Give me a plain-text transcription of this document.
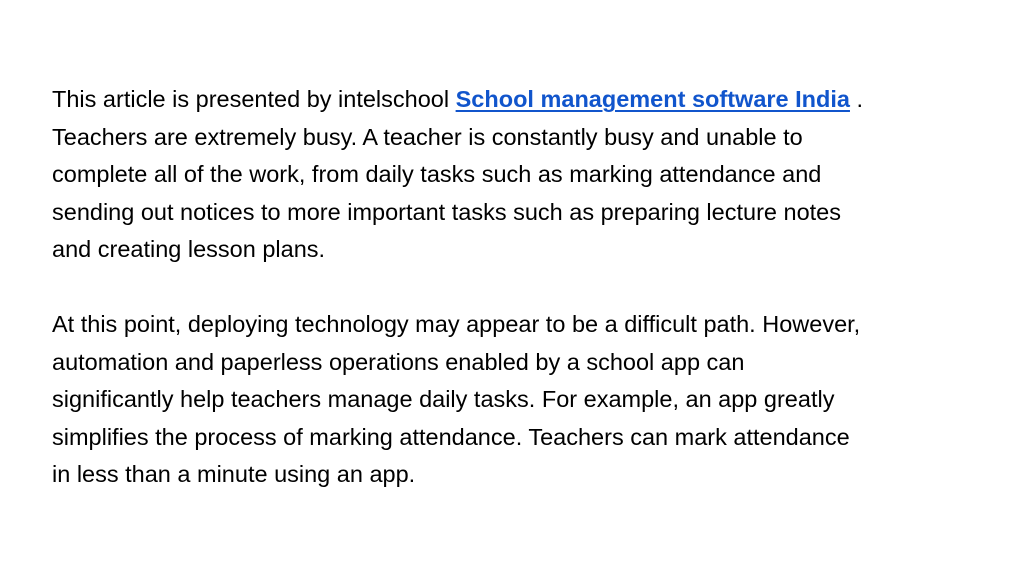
This article is presented by intelschool School management software India .
Teachers are extremely busy. A teacher is constantly busy and unable to
complete all of the work, from daily tasks such as marking attendance and
sending out notices to more important tasks such as preparing lecture notes
and creating lesson plans.

At this point, deploying technology may appear to be a difficult path. However,
automation and paperless operations enabled by a school app can
significantly help teachers manage daily tasks. For example, an app greatly
simplifies the process of marking attendance. Teachers can mark attendance
in less than a minute using an app.
